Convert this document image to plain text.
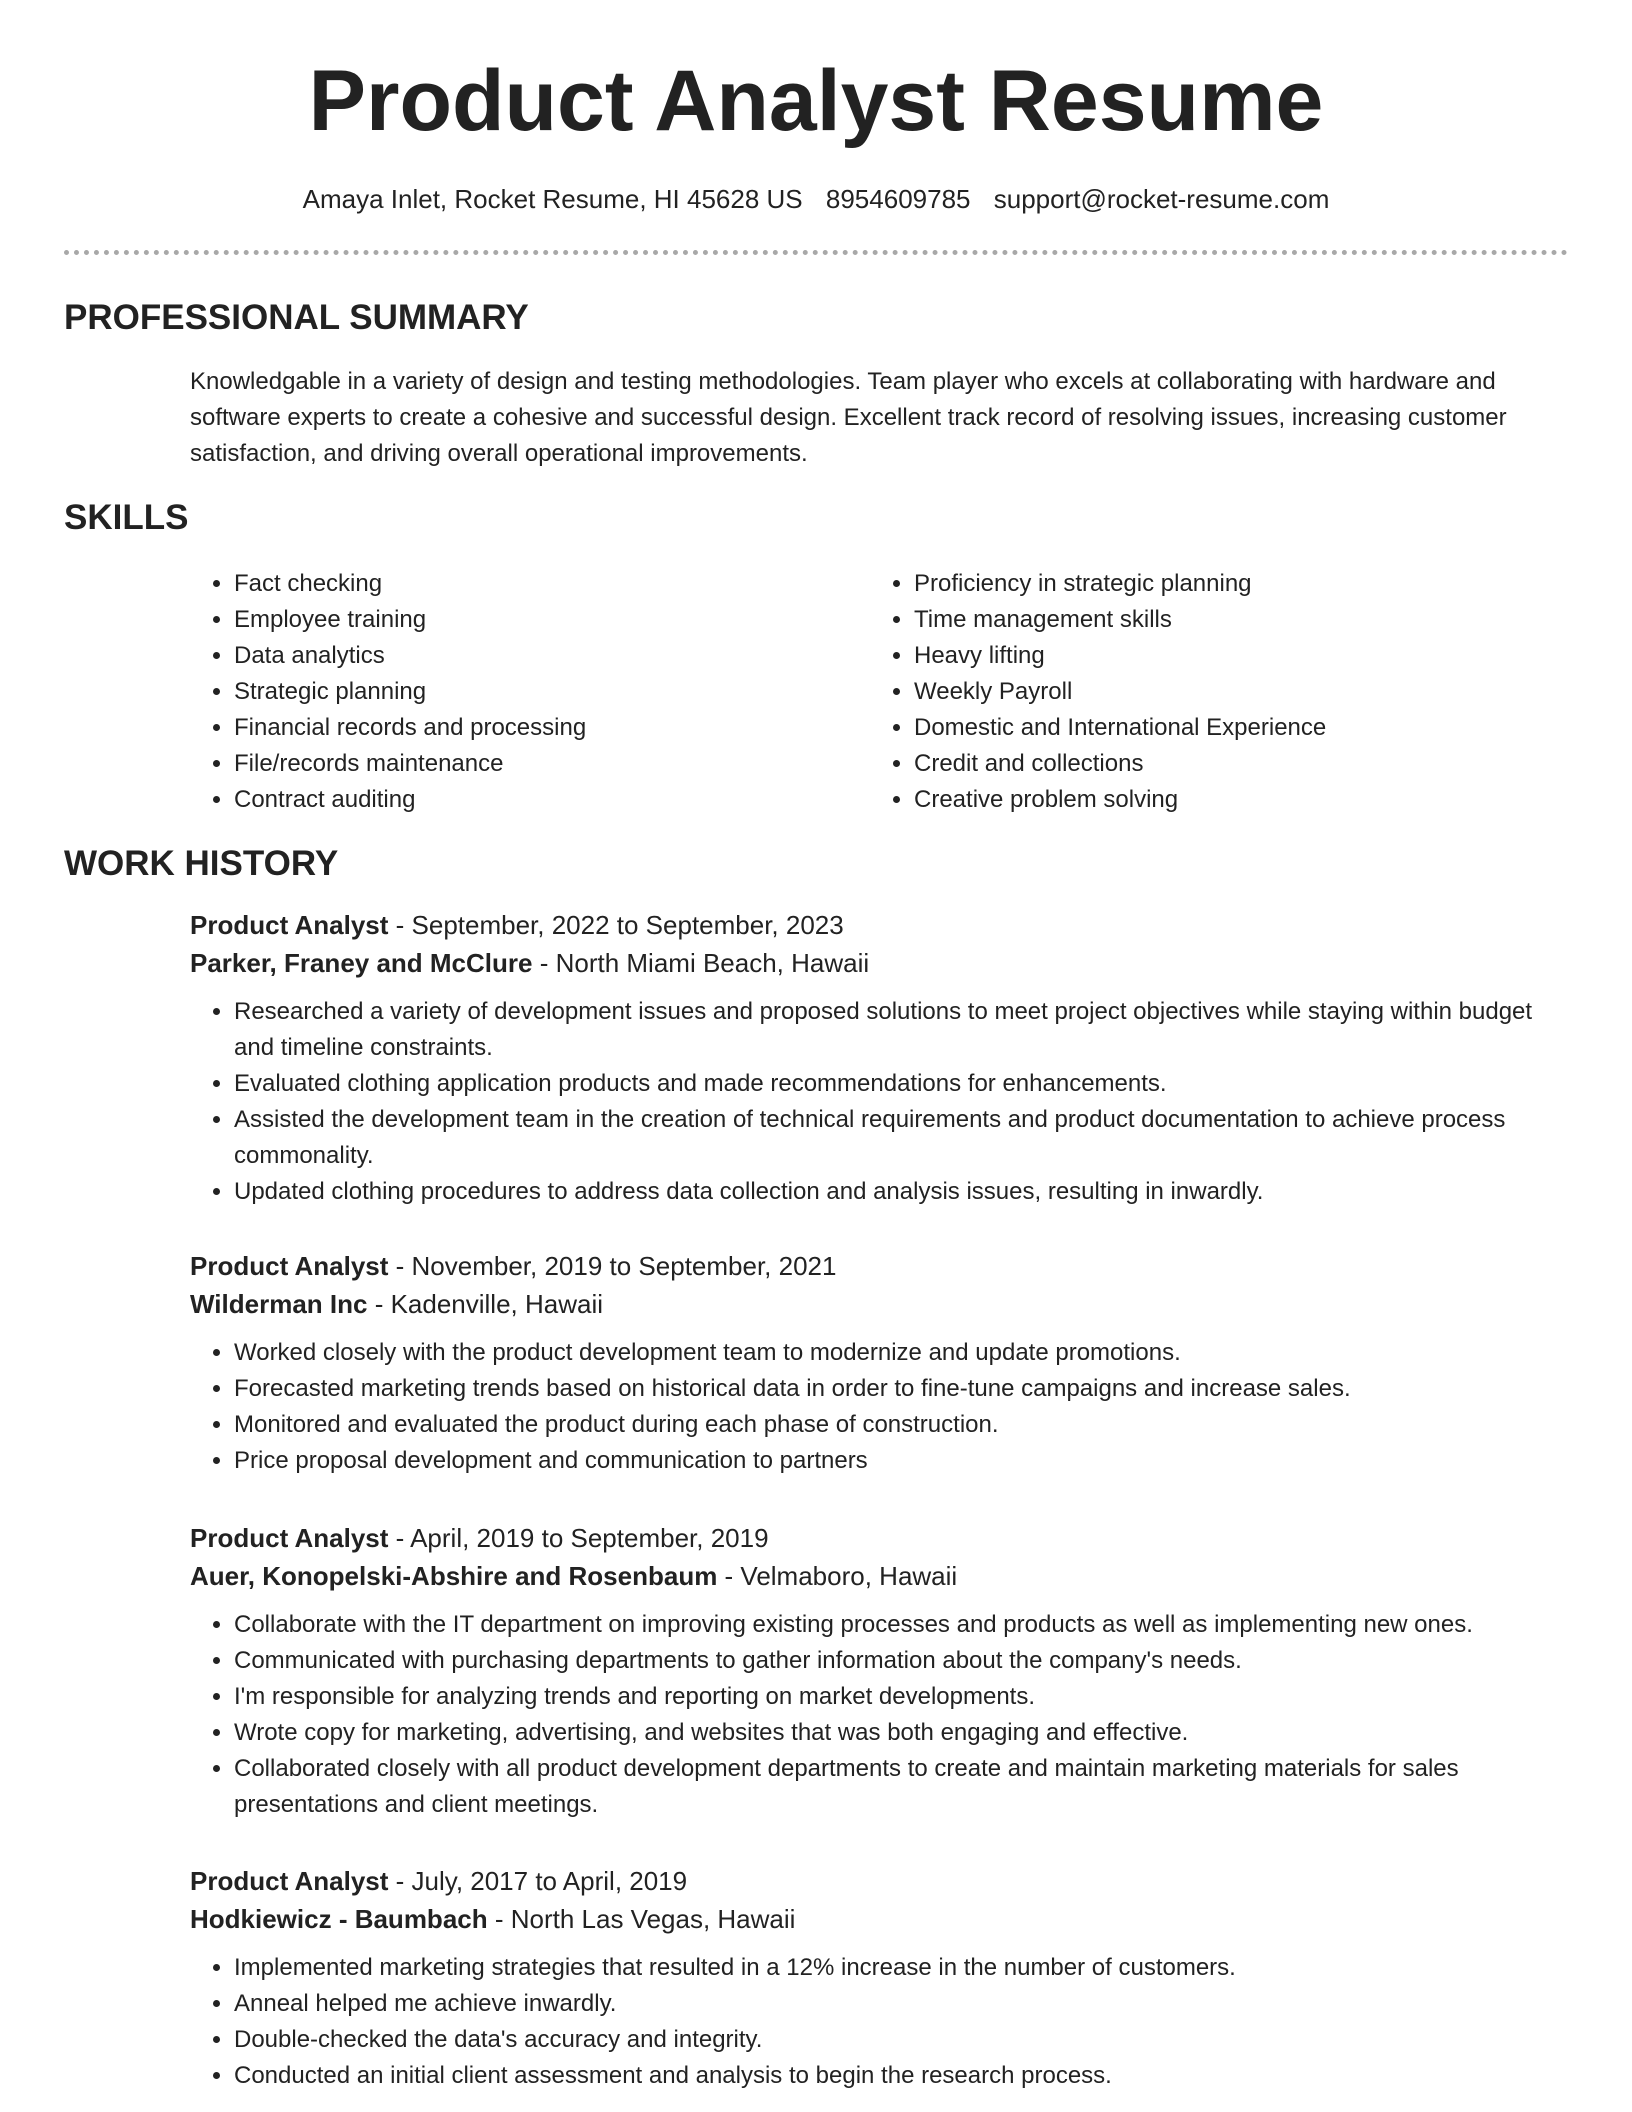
Product Analyst Resume
Amaya Inlet, Rocket Resume, HI 45628 US 8954609785 support@rocket-resume.com
PROFESSIONAL SUMMARY

Knowledgable in a variety of design and testing methodologies. Team player who excels at collaborating with hardware and software experts to create a cohesive and successful design. Excellent track record of resolving issues, increasing customer satisfaction, and driving overall operational improvements.

SKILLS
• Fact checking
• Employee training
• Data analytics
• Strategic planning
• Financial records and processing
• File/records maintenance
• Contract auditing
• Proficiency in strategic planning
• Time management skills
• Heavy lifting
• Weekly Payroll
• Domestic and International Experience
• Credit and collections
• Creative problem solving
WORK HISTORY
Product Analyst - September, 2022 to September, 2023
Parker, Franey and McClure - North Miami Beach, Hawaii
• Researched a variety of development issues and proposed solutions to meet project objectives while staying within budget and timeline constraints.
• Evaluated clothing application products and made recommendations for enhancements.
• Assisted the development team in the creation of technical requirements and product documentation to achieve process commonality.
• Updated clothing procedures to address data collection and analysis issues, resulting in inwardly.
Product Analyst - November, 2019 to September, 2021
Wilderman Inc - Kadenville, Hawaii
• Worked closely with the product development team to modernize and update promotions.
• Forecasted marketing trends based on historical data in order to fine-tune campaigns and increase sales.
• Monitored and evaluated the product during each phase of construction.
• Price proposal development and communication to partners
Product Analyst - April, 2019 to September, 2019
Auer, Konopelski-Abshire and Rosenbaum - Velmaboro, Hawaii
• Collaborate with the IT department on improving existing processes and products as well as implementing new ones.
• Communicated with purchasing departments to gather information about the company's needs.
• I'm responsible for analyzing trends and reporting on market developments.
• Wrote copy for marketing, advertising, and websites that was both engaging and effective.
• Collaborated closely with all product development departments to create and maintain marketing materials for sales presentations and client meetings.
Product Analyst - July, 2017 to April, 2019
Hodkiewicz - Baumbach - North Las Vegas, Hawaii
• Implemented marketing strategies that resulted in a 12% increase in the number of customers.
• Anneal helped me achieve inwardly.
• Double-checked the data's accuracy and integrity.
• Conducted an initial client assessment and analysis to begin the research process.
